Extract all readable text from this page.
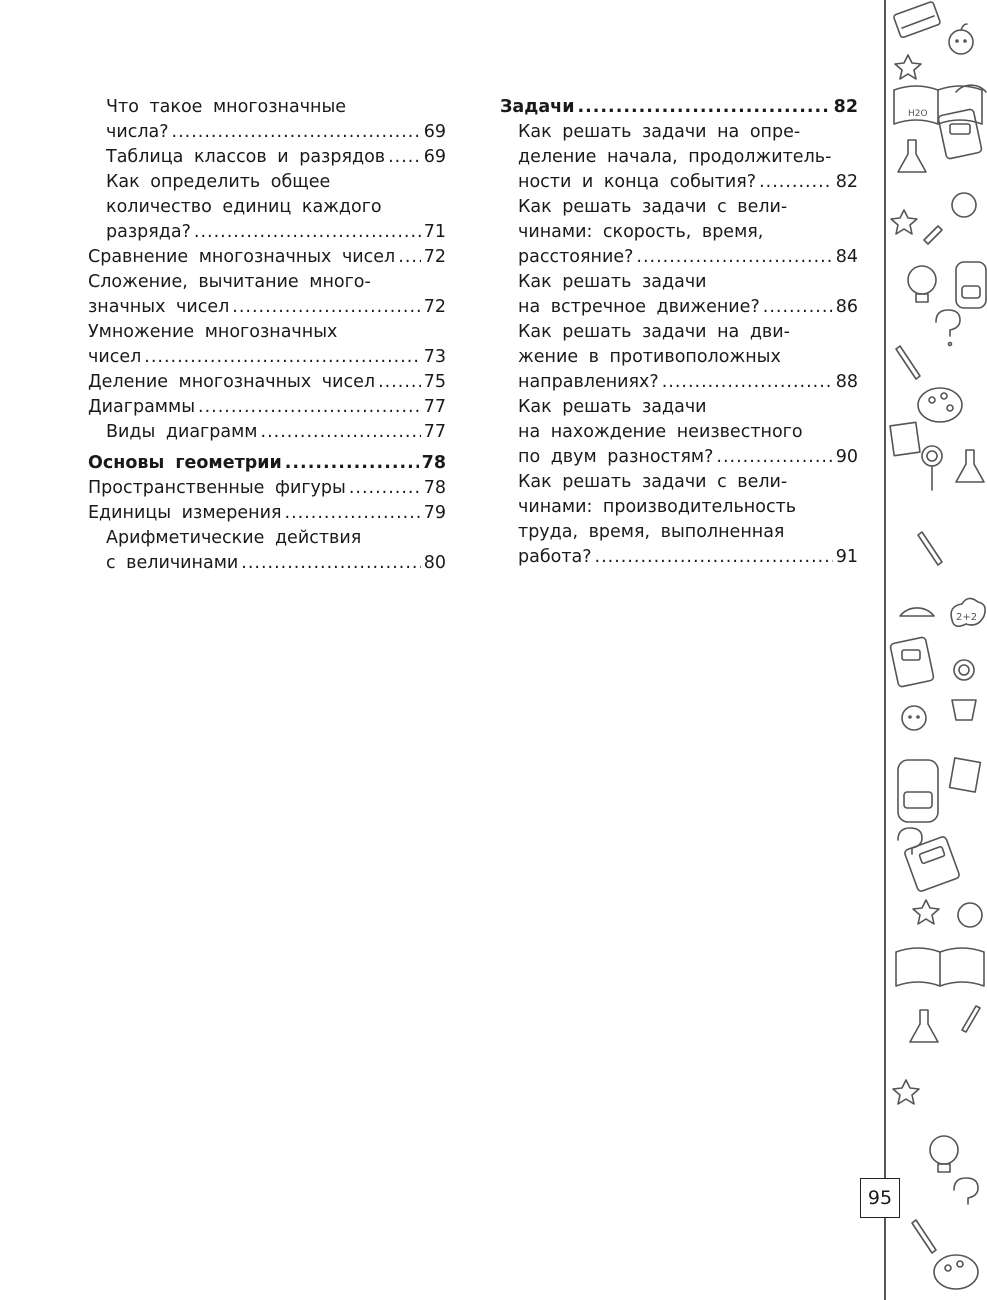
Что такое многозначные
числа? .....	69
Таблица классов и разрядов ..... 69
Как определить общее
количество единиц каждого
разряда? .....	71
Сравнение многозначных чисел ..... 72
Сложение, вычитание много-
значных чисел .....	72
Умножение многозначных
чисел .....	73
Деление многозначных чисел .....	75
Диаграммы .....	77
Виды диаграмм .....	77
Основы геометрии .....	78
Пространственные фигуры .....	78
Единицы измерения .....	79
Арифметические действия
с величинами .....	80
Задачи .....	82
Как решать задачи на опре-
деление начала, продолжитель-
ности и конца события? .....	82
Как решать задачи с вели-
чинами: скорость, время,
расстояние? .....	84
Как решать задачи
на встречное движение? .....	86
Как решать задачи на дви-
жение в противоположных
направлениях? .....	88
Как решать задачи
на нахождение неизвестного
по двум разностям? .....	90
Как решать задачи с вели-
чинами: производительность
труда, время, выполненная
работа? .....	91
H2O
2+2
95
